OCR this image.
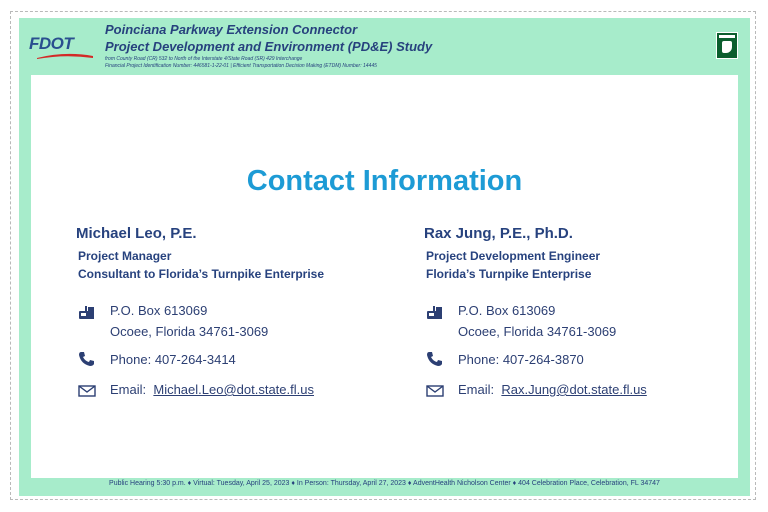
FDOT
Poinciana Parkway Extension Connector
Project Development and Environment (PD&E) Study
from County Road (CR) 532 to North of the Interstate 4/State Road (SR) 429 Interchange
Financial Project Identification Number: 446581-1-22-01 | Efficient Transportation Decision Making (ETDM) Number: 14445
Contact Information
Michael Leo, P.E.
Project Manager
Consultant to Florida’s Turnpike Enterprise
P.O. Box 613069
Ocoee, Florida 34761-3069
Phone: 407-264-3414
Email: Michael.Leo@dot.state.fl.us
Rax Jung, P.E., Ph.D.
Project Development Engineer
Florida’s Turnpike Enterprise
P.O. Box 613069
Ocoee, Florida 34761-3069
Phone: 407-264-3870
Email: Rax.Jung@dot.state.fl.us
Public Hearing 5:30 p.m. ♦ Virtual: Tuesday, April 25, 2023 ♦ In Person: Thursday, April 27, 2023 ♦ AdventHealth Nicholson Center ♦ 404 Celebration Place, Celebration, FL 34747
